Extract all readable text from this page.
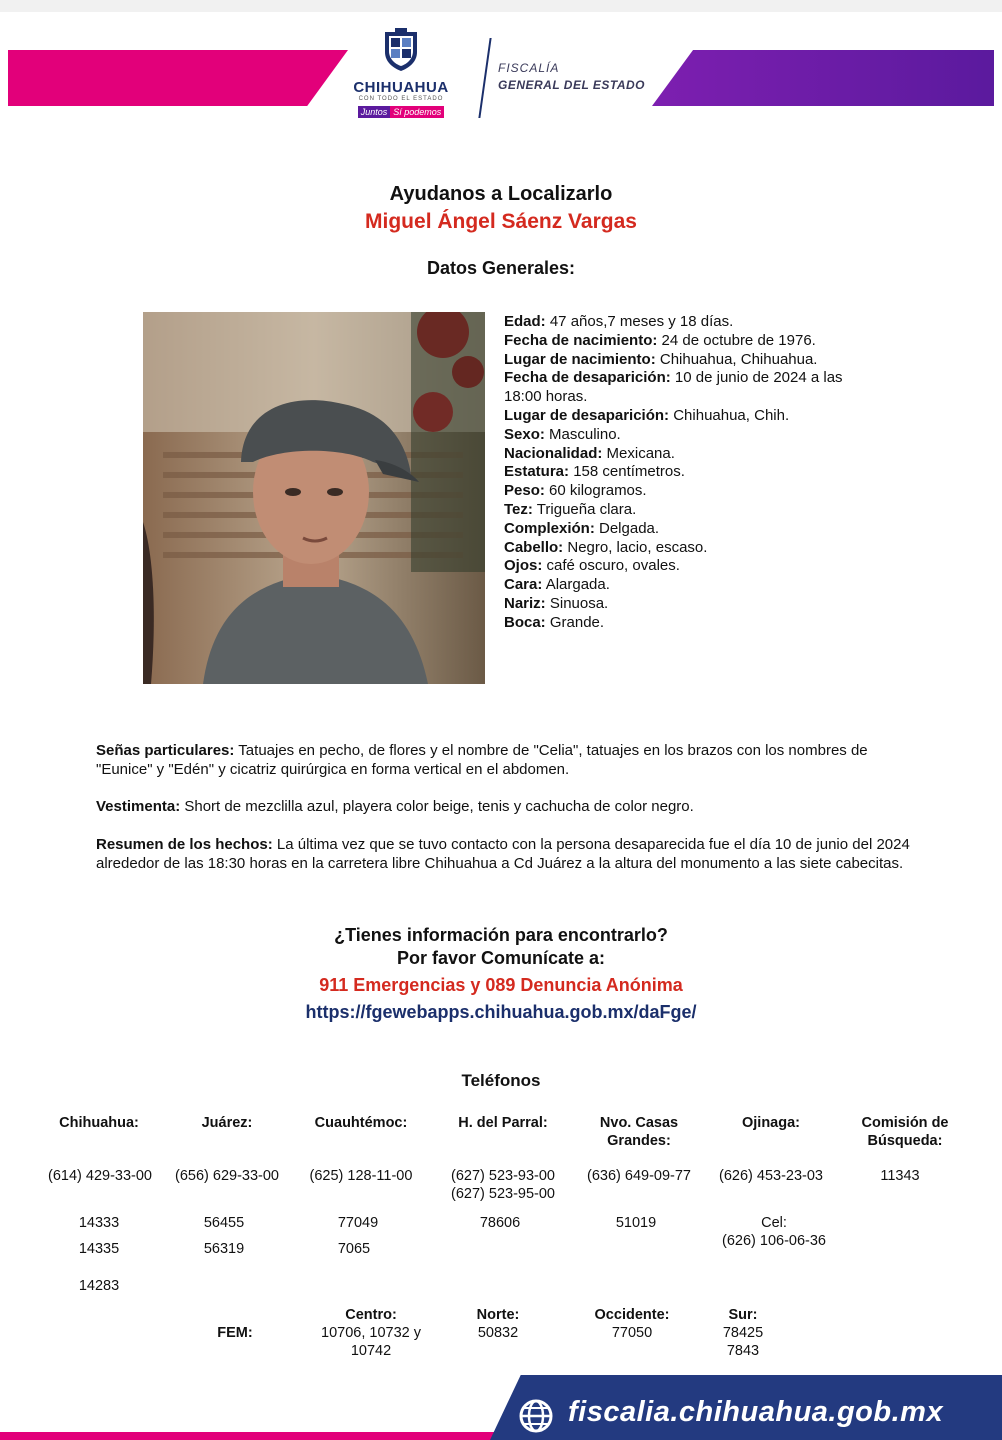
CHIHUAHUA
CON TODO EL ESTADO
Juntos Sí podemos
FISCALÍA
GENERAL DEL ESTADO
Ayudanos a Localizarlo
Miguel Ángel Sáenz Vargas
Datos Generales:
Edad: 47 años,7 meses y 18 días.
Fecha de nacimiento: 24 de octubre de 1976.
Lugar de nacimiento: Chihuahua, Chihuahua.
Fecha de desaparición: 10 de junio de 2024 a las 18:00 horas.
Lugar de desaparición: Chihuahua, Chih.
Sexo: Masculino.
Nacionalidad: Mexicana.
Estatura: 158 centímetros.
Peso: 60 kilogramos.
Tez: Trigueña clara.
Complexión: Delgada.
Cabello: Negro, lacio, escaso.
Ojos: café oscuro, ovales.
Cara: Alargada.
Nariz: Sinuosa.
Boca: Grande.
Señas particulares: Tatuajes en pecho, de flores y el nombre de "Celia", tatuajes en los brazos con los nombres de "Eunice" y "Edén" y cicatriz quirúrgica en forma vertical en el abdomen.
Vestimenta: Short de mezclilla azul, playera color beige, tenis y cachucha de color negro.
Resumen de los hechos: La última vez que se tuvo contacto con la persona desaparecida fue el día 10 de junio del 2024 alrededor de las 18:30 horas en la carretera libre Chihuahua a Cd Juárez a la altura del monumento a las siete cabecitas.
¿Tienes información para encontrarlo?
Por favor Comunícate a:
911 Emergencias y 089 Denuncia Anónima
https://fgewebapps.chihuahua.gob.mx/daFge/
Teléfonos
Chihuahua:
(614) 429-33-00
14333
14335
14283
Juárez:
(656) 629-33-00
56455
56319
Cuauhtémoc:
(625) 128-11-00
77049
7065
H. del Parral:
(627) 523-93-00
(627) 523-95-00
78606
Nvo. Casas
Grandes:
(636) 649-09-77
51019
Ojinaga:
(626) 453-23-03
Cel:
(626) 106-06-36
Comisión de
Búsqueda:
11343
FEM:
Centro:
10706, 10732 y
10742
Norte:
50832
Occidente:
77050
Sur:
78425
7843
fiscalia.chihuahua.gob.mx
